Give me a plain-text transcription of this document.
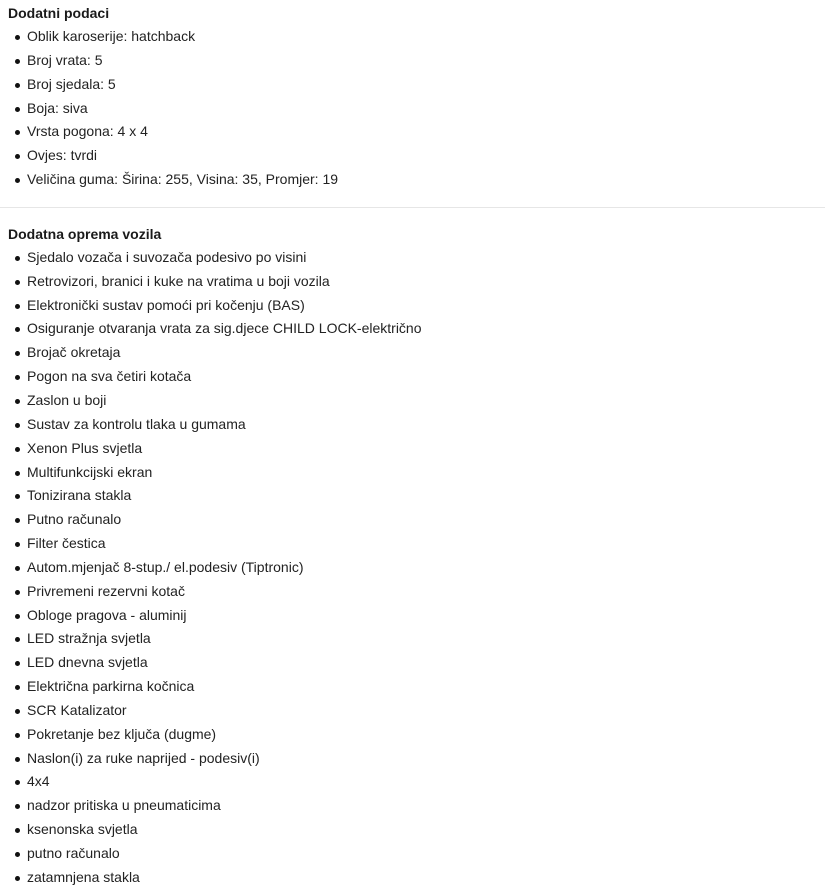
Dodatni podaci
Oblik karoserije: hatchback
Broj vrata: 5
Broj sjedala: 5
Boja: siva
Vrsta pogona: 4 x 4
Ovjes: tvrdi
Veličina guma: Širina: 255, Visina: 35, Promjer: 19
Dodatna oprema vozila
Sjedalo vozača i suvozača podesivo po visini
Retrovizori, branici i kuke na vratima u boji vozila
Elektronički sustav pomoći pri kočenju (BAS)
Osiguranje otvaranja vrata za sig.djece CHILD LOCK-električno
Brojač okretaja
Pogon na sva četiri kotača
Zaslon u boji
Sustav za kontrolu tlaka u gumama
Xenon Plus svjetla
Multifunkcijski ekran
Tonizirana stakla
Putno računalo
Filter čestica
Autom.mjenjač 8-stup./ el.podesiv (Tiptronic)
Privremeni rezervni kotač
Obloge pragova - aluminij
LED stražnja svjetla
LED dnevna svjetla
Električna parkirna kočnica
SCR Katalizator
Pokretanje bez ključa (dugme)
Naslon(i) za ruke naprijed - podesiv(i)
4x4
nadzor pritiska u pneumaticima
ksenonska svjetla
putno računalo
zatamnjena stakla
